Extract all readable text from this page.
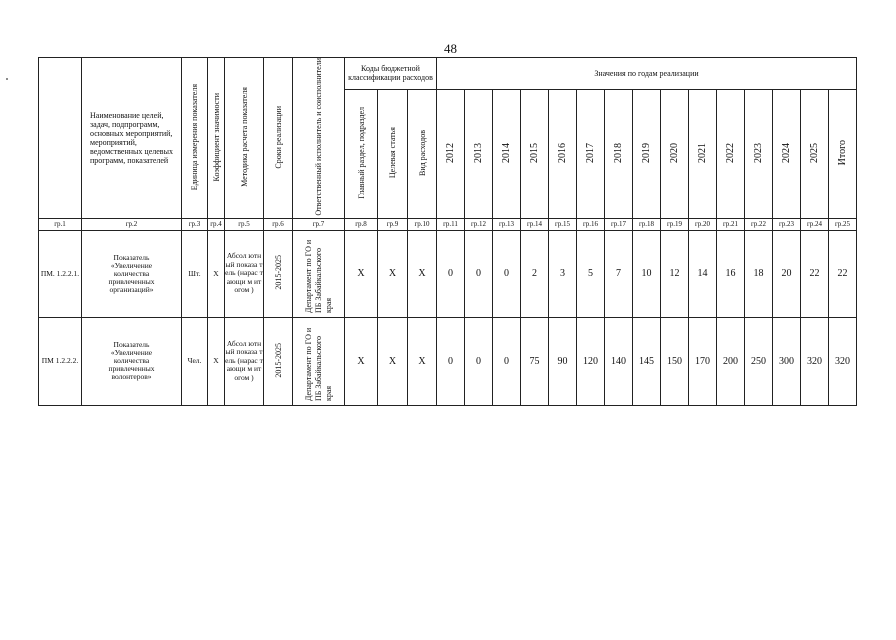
48
	Наименование целей, задач, подпрограмм, основных мероприятий, мероприятий, ведомственных целевых программ, показателей	Единица измерения показателя	Коэффициент значимости	Методика расчета показателя	Сроки реализации	Ответственный исполнитель и соисполнители	Коды бюджетной классификации расходов			Значения по годам реализации														
							Главный раздел, подраздел	Целевая статья	Вид расходов	2012	2013	2014	2015	2016	2017	2018	2019	2020	2021	2022	2023	2024	2025	Итого
гр.1	гр.2	гр.3	гр.4	гр.5	гр.6	гр.7	гр.8	гр.9	гр.10	гр.11	гр.12	гр.13	гр.14	гр.15	гр.16	гр.17	гр.18	гр.19	гр.20	гр.21	гр.22	гр.23	гр.24	гр.25
ПМ. 1.2.2.1.	Показатель «Увеличение количества привлеченных организаций»	Шт.	Х	Абсол ютный показа тель (нарас тающи м итогом )	2015-2025	Департамент по ГО и ПБ Забайкальского края	Х	Х	Х	0	0	0	2	3	5	7	10	12	14	16	18	20	22	22
ПМ 1.2.2.2.	Показатель «Увеличение количества привлеченных волонтеров»	Чел.	Х	Абсол ютный показа тель (нарас тающи м итогом )	2015-2025	Департамент по ГО и ПБ Забайкальского края	Х	Х	Х	0	0	0	75	90	120	140	145	150	170	200	250	300	320	320
